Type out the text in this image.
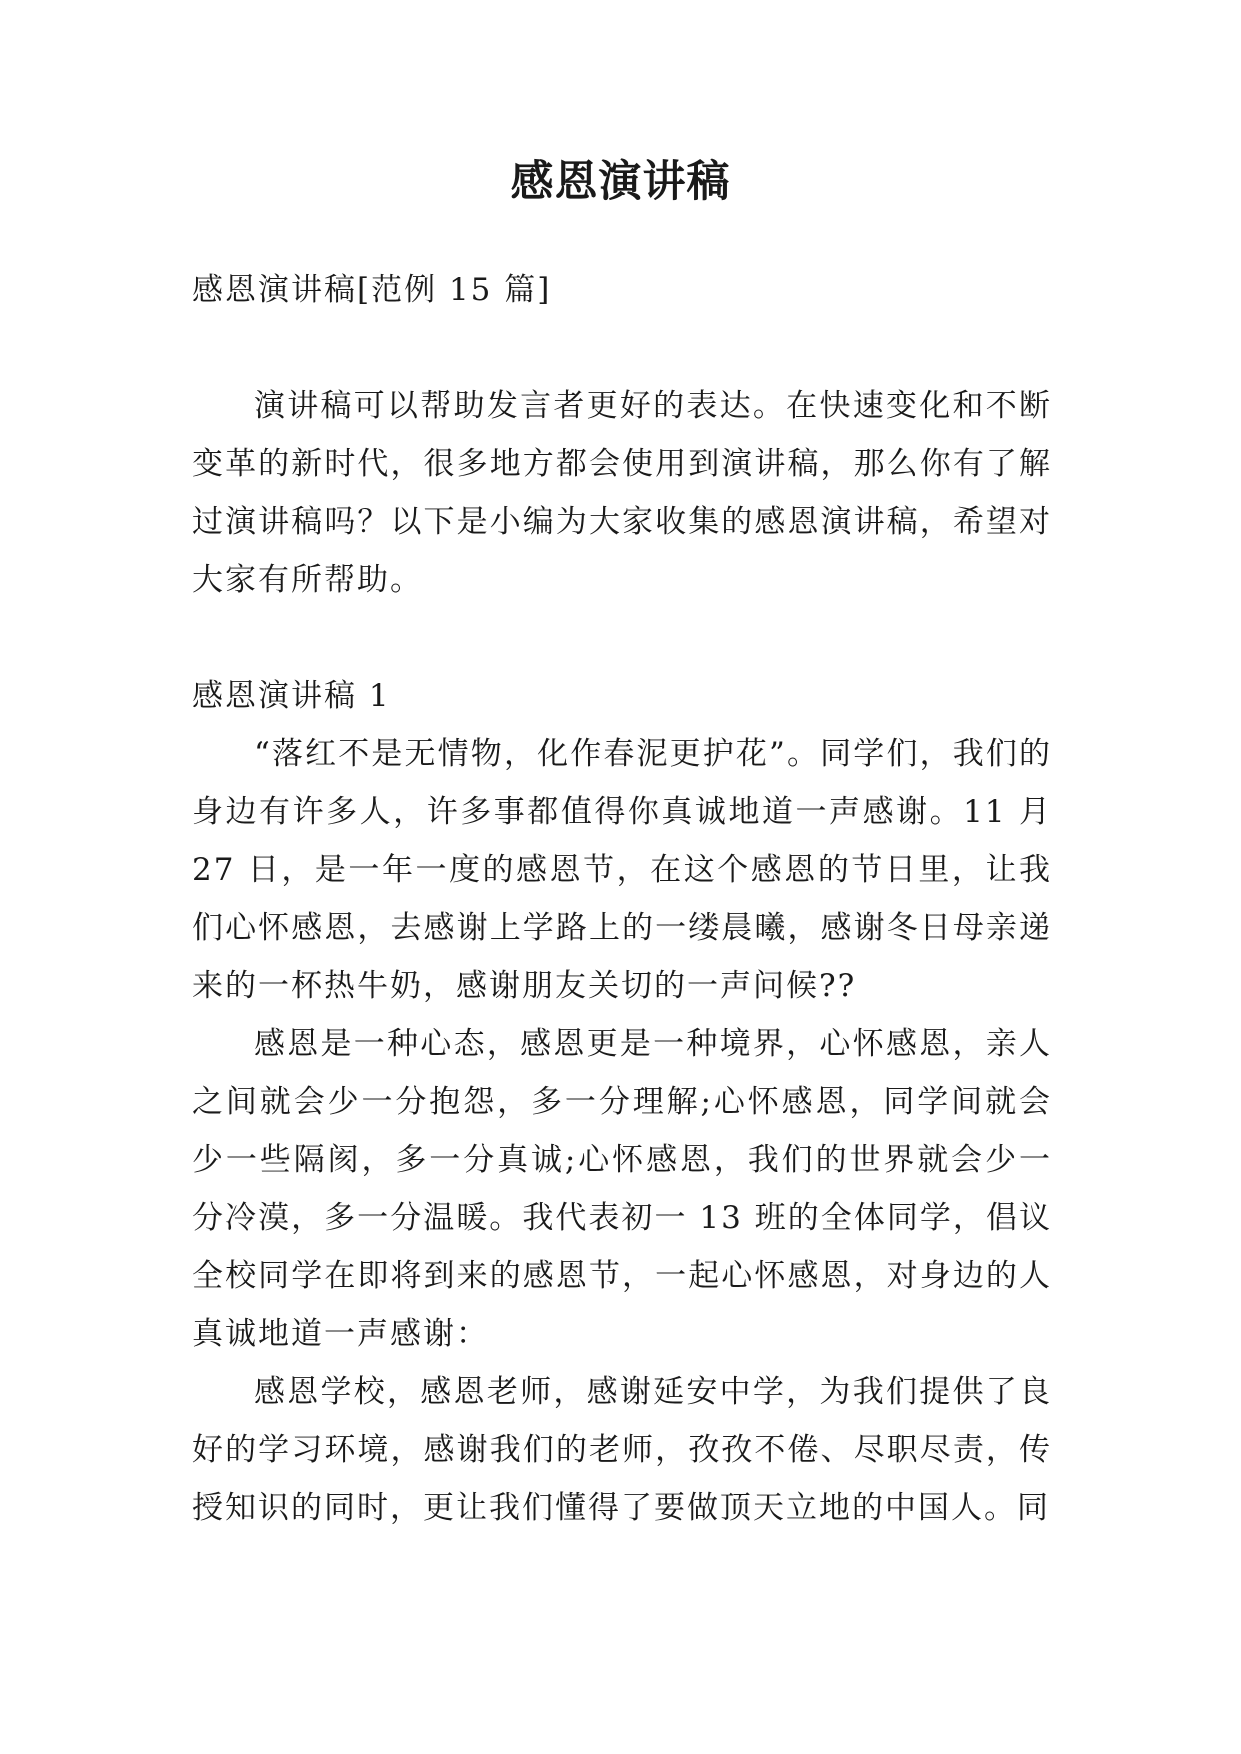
感恩演讲稿

感恩演讲稿[范例 15 篇]

演讲稿可以帮助发言者更好的表达。在快速变化和不断变革的新时代，很多地方都会使用到演讲稿，那么你有了解过演讲稿吗？以下是小编为大家收集的感恩演讲稿，希望对大家有所帮助。

感恩演讲稿 1

“落红不是无情物，化作春泥更护花”。同学们，我们的身边有许多人，许多事都值得你真诚地道一声感谢。11 月 27 日，是一年一度的感恩节，在这个感恩的节日里，让我们心怀感恩，去感谢上学路上的一缕晨曦，感谢冬日母亲递来的一杯热牛奶，感谢朋友关切的一声问候??

感恩是一种心态，感恩更是一种境界，心怀感恩，亲人之间就会少一分抱怨，多一分理解;心怀感恩，同学间就会少一些隔阂，多一分真诚;心怀感恩，我们的世界就会少一分冷漠，多一分温暖。我代表初一 13 班的全体同学，倡议全校同学在即将到来的感恩节，一起心怀感恩，对身边的人真诚地道一声感谢：

感恩学校，感恩老师，感谢延安中学，为我们提供了良好的学习环境，感谢我们的老师，孜孜不倦、尽职尽责，传授知识的同时，更让我们懂得了要做顶天立地的中国人。同
